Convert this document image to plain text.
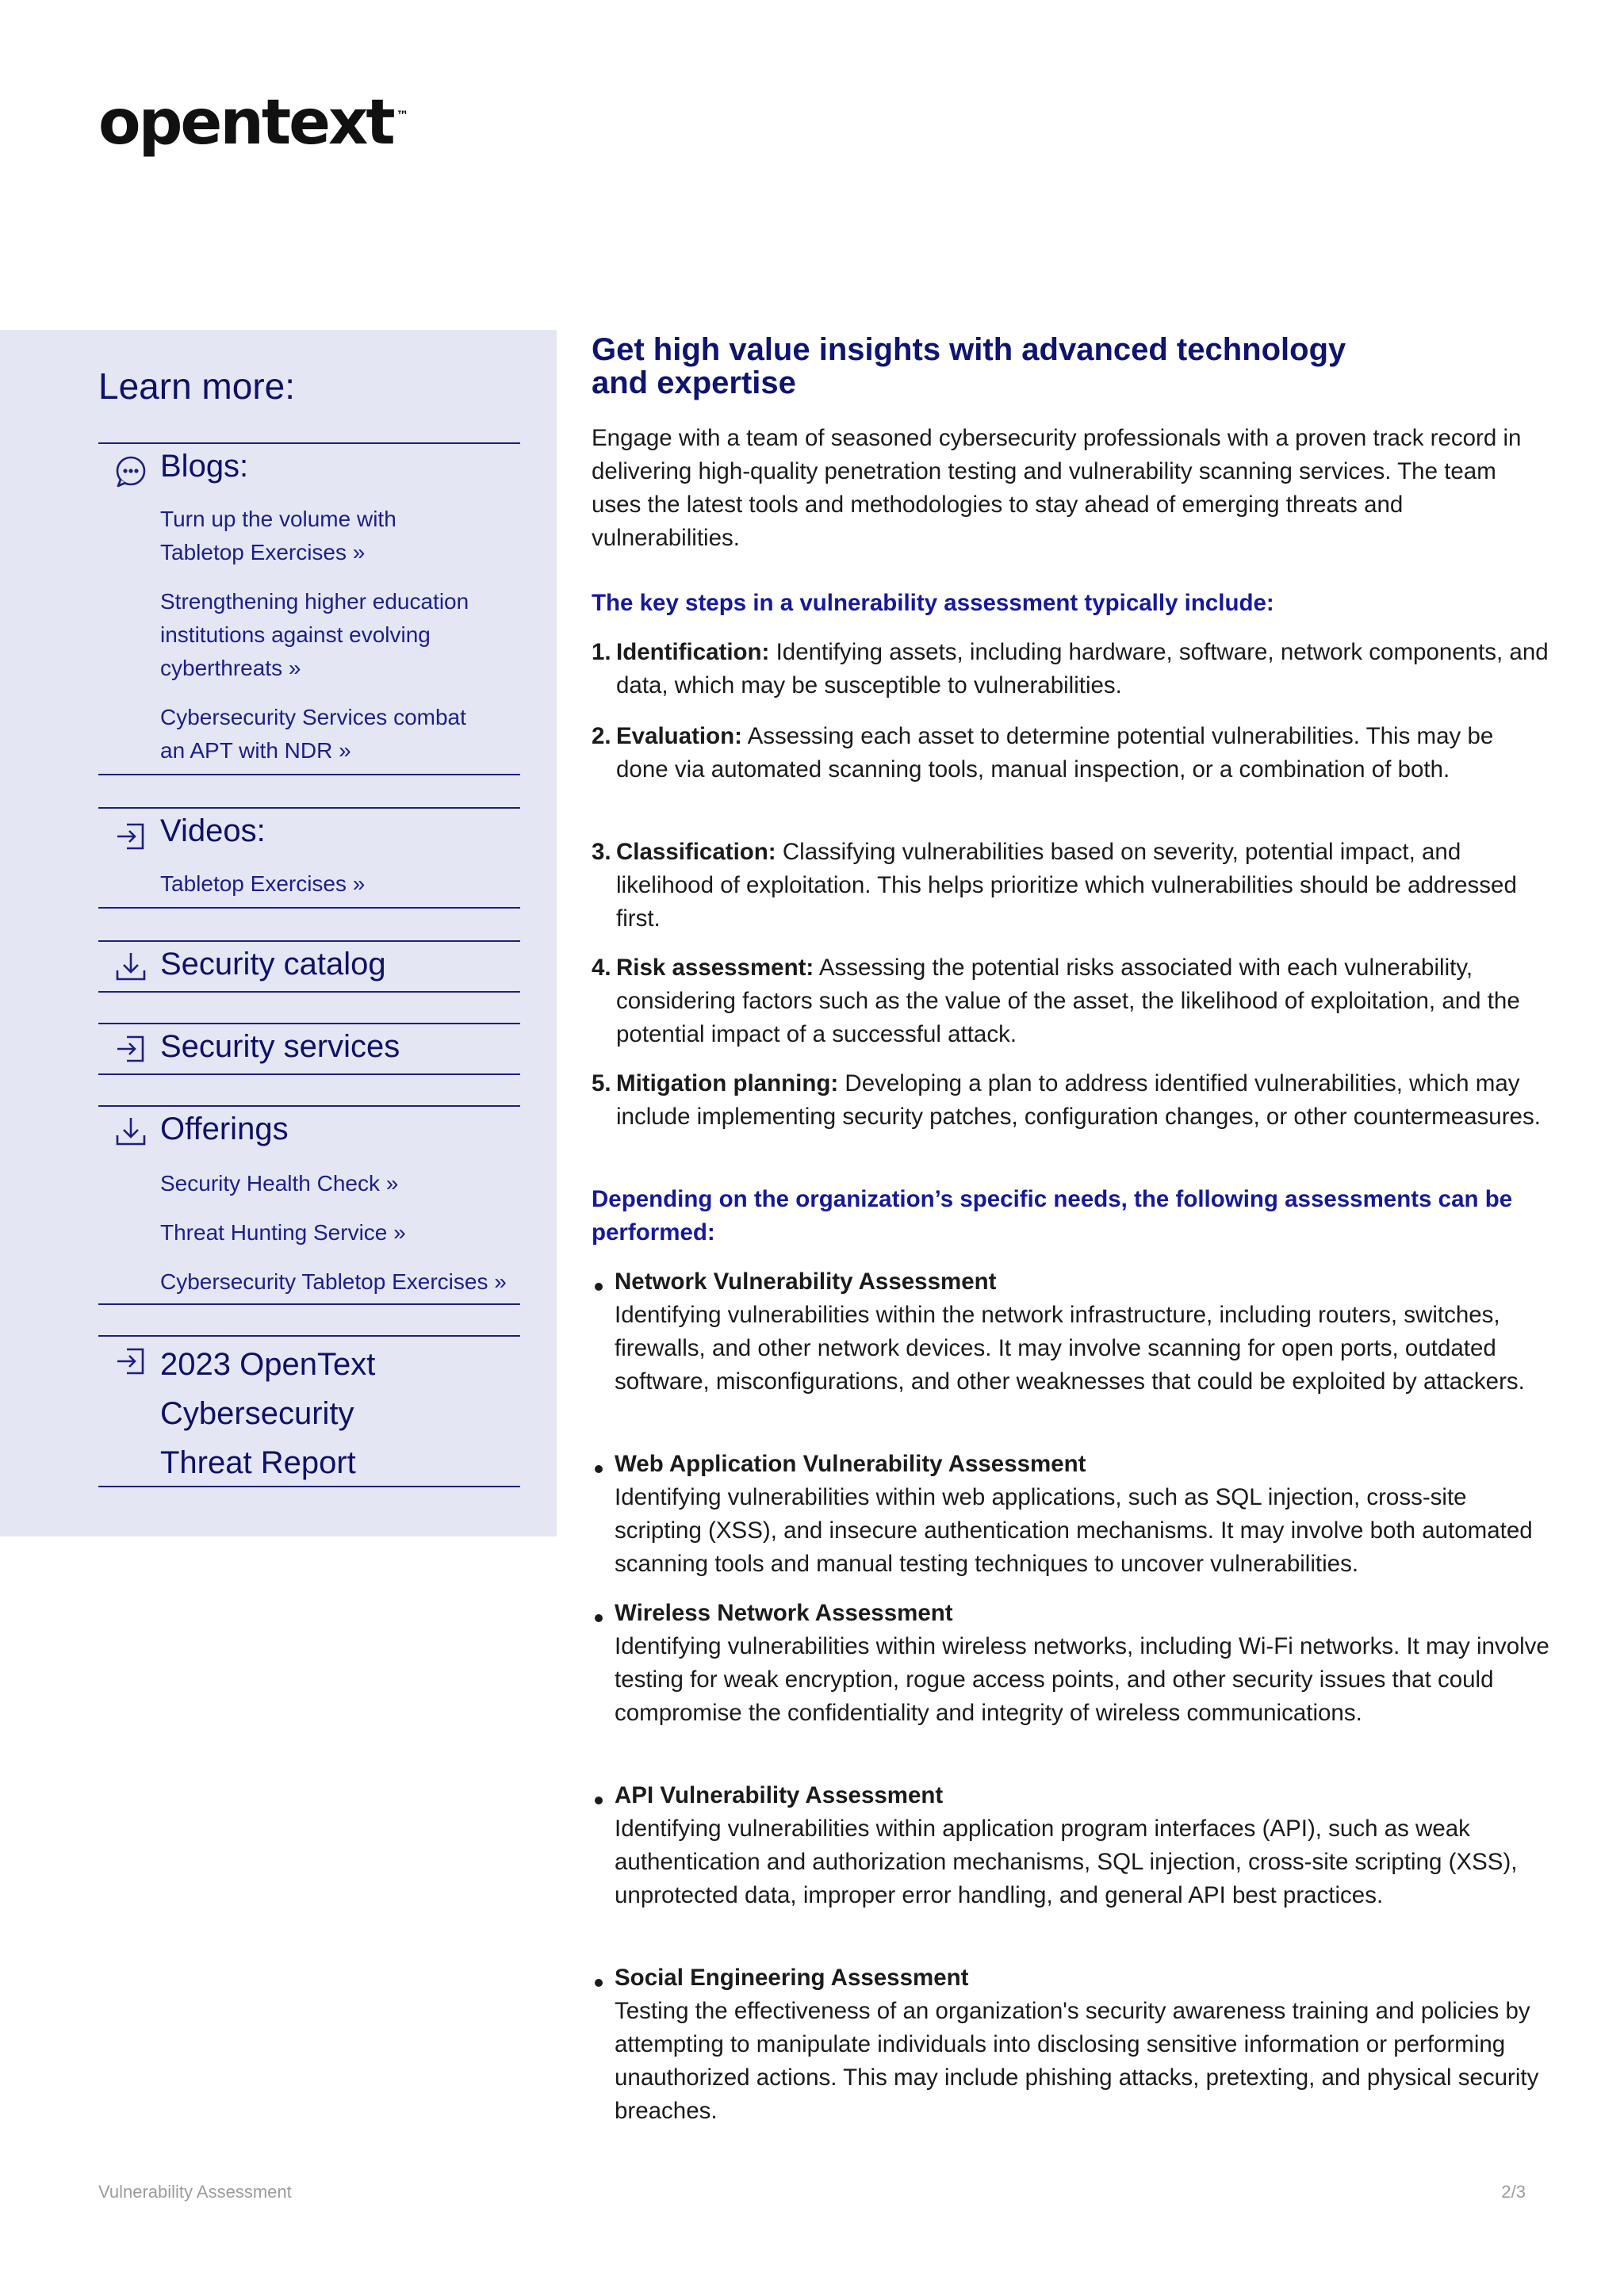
opentext ™
Learn more:
Blogs:
Turn up the volume with
Tabletop Exercises »
Strengthening higher education
institutions against evolving
cyberthreats »
Cybersecurity Services combat
an APT with NDR »
Videos:
Tabletop Exercises »
Security catalog
Security services
Offerings
Security Health Check »
Threat Hunting Service »
Cybersecurity Tabletop Exercises »
2023 OpenText
Cybersecurity
Threat Report
Get high value insights with advanced technology
and expertise

Engage with a team of seasoned cybersecurity professionals with a proven track record in delivering high-quality penetration testing and vulnerability scanning services. The team uses the latest tools and methodologies to stay ahead of emerging threats and vulnerabilities.

The key steps in a vulnerability assessment typically include:

1. Identification: Identifying assets, including hardware, software, network components, and data, which may be susceptible to vulnerabilities.

2. Evaluation: Assessing each asset to determine potential vulnerabilities. This may be done via automated scanning tools, manual inspection, or a combination of both.

3. Classification: Classifying vulnerabilities based on severity, potential impact, and likelihood of exploitation. This helps prioritize which vulnerabilities should be addressed first.

4. Risk assessment: Assessing the potential risks associated with each vulnerability, considering factors such as the value of the asset, the likelihood of exploitation, and the potential impact of a successful attack.

5. Mitigation planning: Developing a plan to address identified vulnerabilities, which may include implementing security patches, configuration changes, or other countermeasures.

Depending on the organization’s specific needs, the following assessments can be performed:

Network Vulnerability Assessment

Identifying vulnerabilities within the network infrastructure, including routers, switches, firewalls, and other network devices. It may involve scanning for open ports, outdated software, misconfigurations, and other weaknesses that could be exploited by attackers.

Web Application Vulnerability Assessment

Identifying vulnerabilities within web applications, such as SQL injection, cross-site scripting (XSS), and insecure authentication mechanisms. It may involve both automated scanning tools and manual testing techniques to uncover vulnerabilities.

Wireless Network Assessment

Identifying vulnerabilities within wireless networks, including Wi-Fi networks. It may involve testing for weak encryption, rogue access points, and other security issues that could compromise the confidentiality and integrity of wireless communications.

API Vulnerability Assessment

Identifying vulnerabilities within application program interfaces (API), such as weak authentication and authorization mechanisms, SQL injection, cross-site scripting (XSS), unprotected data, improper error handling, and general API best practices.

Social Engineering Assessment

Testing the effectiveness of an organization's security awareness training and policies by attempting to manipulate individuals into disclosing sensitive information or performing unauthorized actions. This may include phishing attacks, pretexting, and physical security breaches.

Vulnerability Assessment	2/3
